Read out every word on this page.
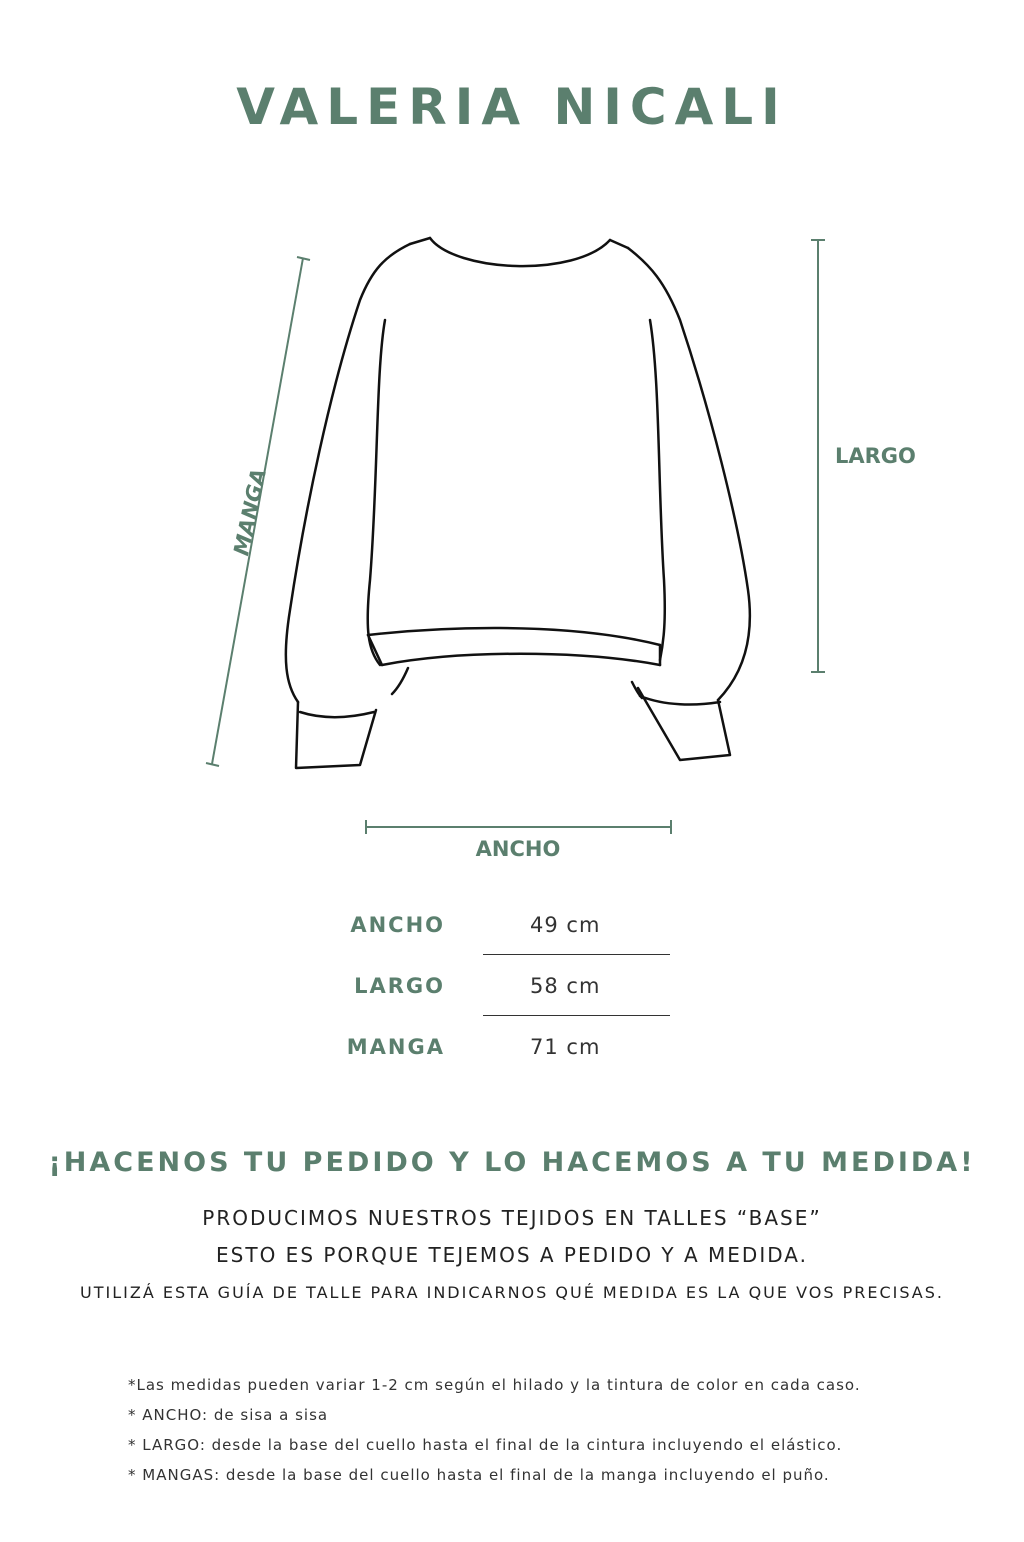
VALERIA NICALI
LARGO
MANGA
ANCHO
ANCHO	49 cm
LARGO	58 cm
MANGA	71 cm
¡HACENOS TU PEDIDO Y LO HACEMOS A TU MEDIDA!
PRODUCIMOS NUESTROS TEJIDOS EN TALLES “BASE”
ESTO ES PORQUE TEJEMOS A PEDIDO Y A MEDIDA.
UTILIZÁ ESTA GUÍA DE TALLE PARA INDICARNOS QUÉ MEDIDA ES LA QUE VOS PRECISAS.
*Las medidas pueden variar 1-2 cm según el hilado y la tintura de color en cada caso.
* ANCHO: de sisa a sisa
* LARGO: desde la base del cuello hasta el final de la cintura incluyendo el elástico.
* MANGAS: desde la base del cuello hasta el final de la manga incluyendo el puño.
